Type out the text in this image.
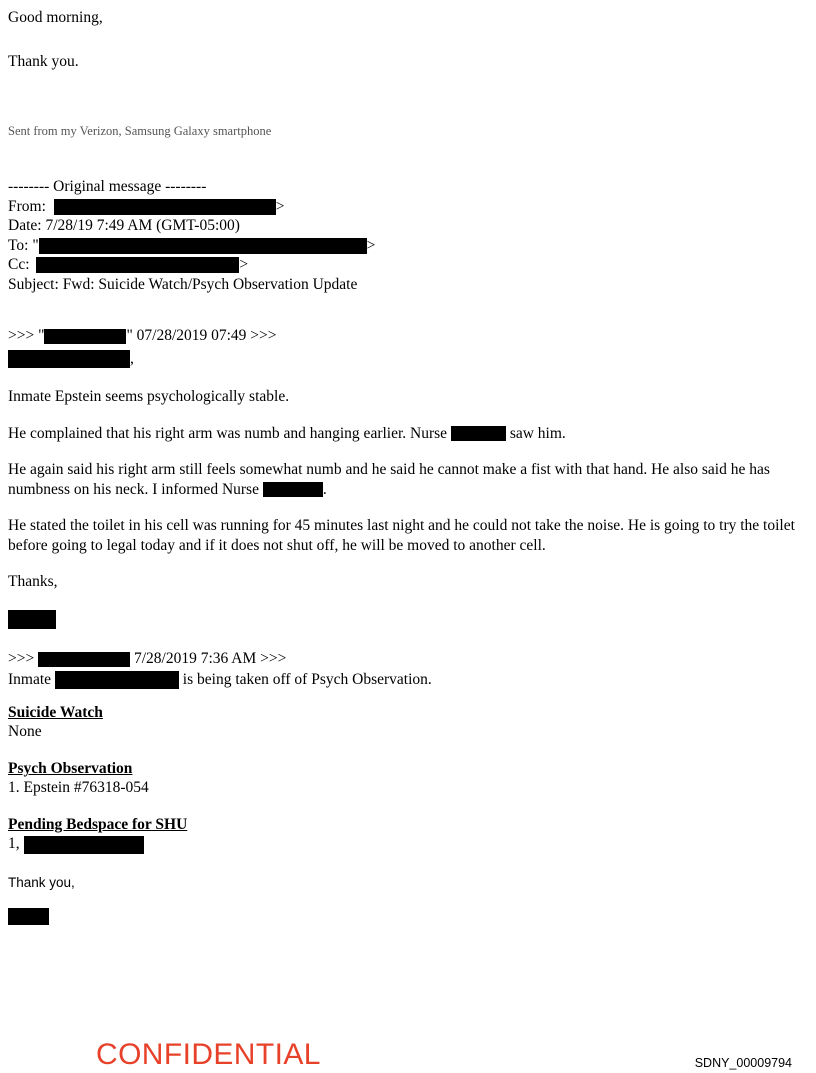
Good morning,

Thank you.

Sent from my Verizon, Samsung Galaxy smartphone

-------- Original message --------

From:	>

Date: 7/28/19 7:49 AM (GMT-05:00)

To: "	>

Cc:	>

Subject: Fwd: Suicide Watch/Psych Observation Update

>>> "	" 07/28/2019 07:49 >>>

,

Inmate Epstein seems psychologically stable.

He complained that his right arm was numb and hanging earlier. Nurse	saw him.

He again said his right arm still feels somewhat numb and he said he cannot make a fist with that hand. He also said he has numbness on his neck. I informed Nurse	.

He stated the toilet in his cell was running for 45 minutes last night and he could not take the noise. He is going to try the toilet before going to legal today and if it does not shut off, he will be moved to another cell.

Thanks,

>>>	7/28/2019 7:36 AM >>>

Inmate	is being taken off of Psych Observation.

Suicide Watch

None

Psych Observation

1. Epstein #76318-054

Pending Bedspace for SHU

1,

Thank you,

CONFIDENTIAL	SDNY_00009794
